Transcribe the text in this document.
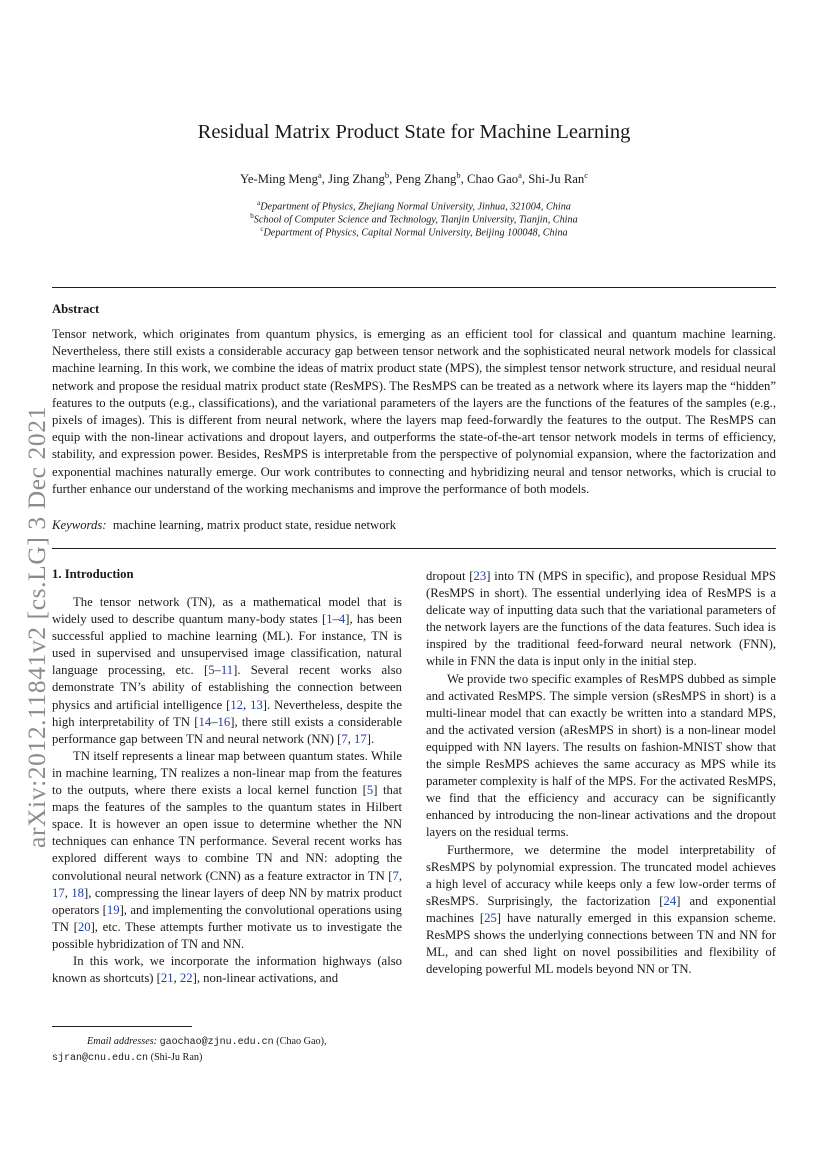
arXiv:2012.11841v2 [cs.LG] 3 Dec 2021
Residual Matrix Product State for Machine Learning
Ye-Ming Meng$^a$, Jing Zhang$^b$, Peng Zhang$^b$, Chao Gao$^a$, Shi-Ju Ran$^c$
$^a$Department of Physics, Zhejiang Normal University, Jinhua, 321004, China
$^b$School of Computer Science and Technology, Tianjin University, Tianjin, China
$^c$Department of Physics, Capital Normal University, Beijing 100048, China
Abstract
Tensor network, which originates from quantum physics, is emerging as an efficient tool for classical and quantum machine learning. Nevertheless, there still exists a considerable accuracy gap between tensor network and the sophisticated neural network models for classical machine learning. In this work, we combine the ideas of matrix product state (MPS), the simplest tensor network structure, and residual neural network and propose the residual matrix product state (ResMPS). The ResMPS can be treated as a network where its layers map the “hidden” features to the outputs (e.g., classifications), and the variational parameters of the layers are the functions of the features of the samples (e.g., pixels of images). This is different from neural network, where the layers map feed-forwardly the features to the output. The ResMPS can equip with the non-linear activations and dropout layers, and outperforms the state-of-the-art tensor network models in terms of efficiency, stability, and expression power. Besides, ResMPS is interpretable from the perspective of polynomial expansion, where the factorization and exponential machines naturally emerge. Our work contributes to connecting and hybridizing neural and tensor networks, which is crucial to further enhance our understand of the working mechanisms and improve the performance of both models.
Keywords: machine learning, matrix product state, residue network
1. Introduction

The tensor network (TN), as a mathematical model that is widely used to describe quantum many-body states [1–4], has been successful applied to machine learning (ML). For instance, TN is used in supervised and unsupervised image classification, natural language processing, etc. [5–11]. Several recent works also demonstrate TN’s ability of establishing the connection between physics and artificial intelligence [12, 13]. Nevertheless, despite the high interpretability of TN [14–16], there still exists a considerable performance gap between TN and neural network (NN) [7, 17].

TN itself represents a linear map between quantum states. While in machine learning, TN realizes a non-linear map from the features to the outputs, where there exists a local kernel function [5] that maps the features of the samples to the quantum states in Hilbert space. It is however an open issue to determine whether the NN techniques can enhance TN performance. Several recent works has explored different ways to combine TN and NN: adopting the convolutional neural network (CNN) as a feature extractor in TN [7, 17, 18], compressing the linear layers of deep NN by matrix product operators [19], and implementing the convolutional operations using TN [20], etc. These attempts further motivate us to investigate the possible hybridization of TN and NN.

In this work, we incorporate the information highways (also known as shortcuts) [21, 22], non-linear activations, and

dropout [23] into TN (MPS in specific), and propose Residual MPS (ResMPS in short). The essential underlying idea of ResMPS is a delicate way of inputting data such that the variational parameters of the network layers are the functions of the data features. Such idea is inspired by the traditional feed-forward neural network (FNN), while in FNN the data is input only in the initial step.

We provide two specific examples of ResMPS dubbed as simple and activated ResMPS. The simple version (sResMPS in short) is a multi-linear model that can exactly be written into a standard MPS, and the activated version (aResMPS in short) is a non-linear model equipped with NN layers. The results on fashion-MNIST show that the simple ResMPS achieves the same accuracy as MPS while its parameter complexity is half of the MPS. For the activated ResMPS, we find that the efficiency and accuracy can be significantly enhanced by introducing the non-linear activations and the dropout layers on the residual terms.

Furthermore, we determine the model interpretability of sResMPS by polynomial expression. The truncated model achieves a high level of accuracy while keeps only a few low-order terms of sResMPS. Surprisingly, the factorization [24] and exponential machines [25] have naturally emerged in this expansion scheme. ResMPS shows the underlying connections between TN and NN for ML, and can shed light on novel possibilities and flexibility of developing powerful ML models beyond NN or TN.

Email addresses: gaochao@zjnu.edu.cn (Chao Gao),
sjran@cnu.edu.cn (Shi-Ju Ran)
